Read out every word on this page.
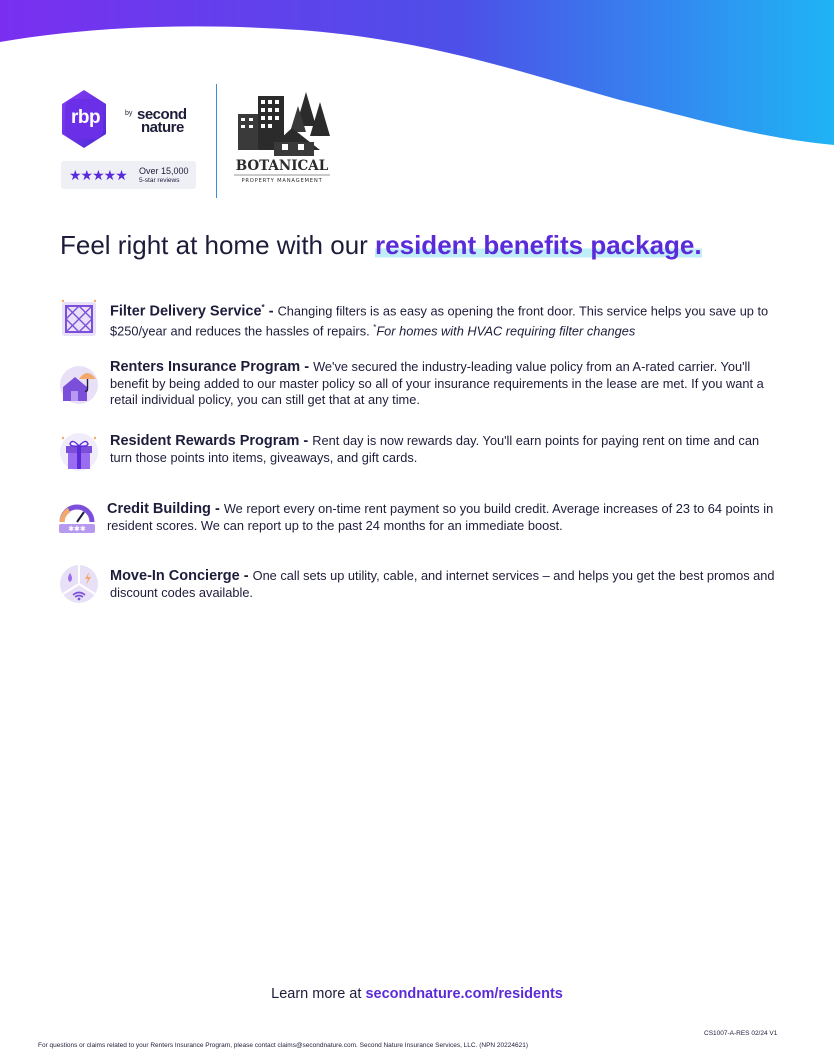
rbp	by second
nature
★★★★★ Over 15,000
5-star reviews
BOTANICAL
PROPERTY MANAGEMENT
Feel right at home with our resident benefits package.
Filter Delivery Service* - Changing filters is as easy as opening the front door. This service helps you save up to $250/year and reduces the hassles of repairs. *For homes with HVAC requiring filter changes
Renters Insurance Program - We've secured the industry-leading value policy from an A-rated carrier. You'll benefit by being added to our master policy so all of your insurance requirements in the lease are met. If you want a retail individual policy, you can still get that at any time.
Resident Rewards Program - Rent day is now rewards day. You'll earn points for paying rent on time and can turn those points into items, giveaways, and gift cards.
✱✱✱
Credit Building - We report every on-time rent payment so you build credit. Average increases of 23 to 64 points in resident scores. We can report up to the past 24 months for an immediate boost.
Move-In Concierge - One call sets up utility, cable, and internet services – and helps you get the best promos and discount codes available.
Learn more at secondnature.com/residents
CS1007-A-RES 02/24 V1
For questions or claims related to your Renters Insurance Program, please contact claims@secondnature.com. Second Nature Insurance Services, LLC. (NPN 20224621)
